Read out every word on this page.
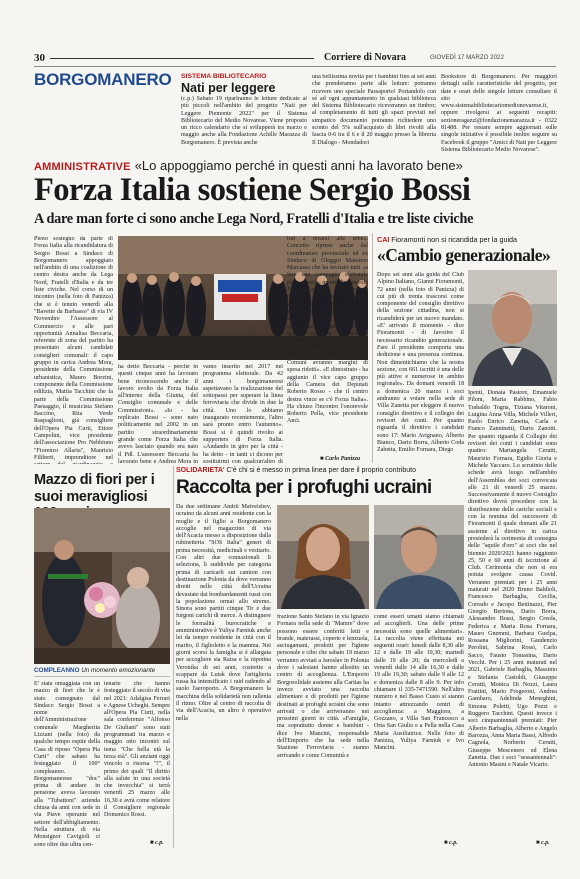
30	Corriere di Novara	GIOVEDÌ 17 MARZO 2022
BORGOMANERO SISTEMA BIBLIOTECARIO
Nati per leggere
(c.p.) Sabato 19 riparlranno le letture dedicate ai più piccoli nell'ambito del progetto "Nati per Leggere Piemonte 2022" per il Sistema Bibliotecario del Medio Novarese. Viene proposto un ricco calendario che si svilupperà tra marzo e maggio anche alla Fondazione Achille Marazza di Borgomanero. È prevista anche
una bellissima novità per i bambini fino ai sei anni che prenderanno parte alle letture: potranno ricevere uno speciale Passaporto! Portandolo con sé ad ogni appuntamento in qualsiasi biblioteca del Sistema Bibliotecario riceveranno un timbro; al completamento di tutti gli spazi previsti nel simpatico documento potranno richiedere uno sconto del 5% sull'acquisto di libri rivolti alla fascia 0-6 tra il 6 e il 20 maggio presso la libreria Il Dialogo - Mondadori
Bookstore di Borgomanero. Per maggiori dettagli sulle caratteristiche del progetto, per date e orari delle singole letture consultare il sito www.sistemabibliotecariomedionovarese.it, oppure rivolgersi ai seguenti recapiti: sezioneragazzi@fondazionemarazza.it - 0322 81488. Per restare sempre aggiornati sulle singole iniziative è possibile inoltre seguire su Facebook il gruppo "Amici di Nati per Leggere Sistema Bibliotecario Medio Novarese".
AMMINISTRATIVE «Lo appoggiamo perché in questi anni ha lavorato bene»
Forza Italia sostiene Sergio Bossi
A dare man forte ci sono anche Lega Nord, Fratelli d'Italia e tre liste civiche
Pieno sostegno da parte di Forza Italia alla ricandidatura di Sergio Bossi a Sindaco di Borgomanero appoggiato nell'ambito di una coalizione di centro destra anche da Lega Nord, Fratelli d'Italia e da tre liste civiche. Nel corso di un incontro (nella foto di Panizza) che si è tenuto venerdì alla "Bavette da Barbasso" di via IV Novembre l'Assessore al Commercio e alle pari opportunità Annalisa Beccaria, referente di zona del partito ha presentato alcuni candidati consiglieri comunali: il capo gruppo in carica Andrea Mora, presidente della Commissione urbanistica, Mauro Borzini, componente della Commissione edilizia, Mattia Tacchini che fa parte della Commissione Paesaggio, il musicista Stefano Baccino, Rita Verde Raspaglioni, già consigliere dell'Opera Pia Curti, Ettore Campolini, vice presidente dell'associazione Pro Nebbiuno "Fiorenzo Allaria", Maurizio Filiberti, imprenditore nel
ha detto Beccaria - perché in questi cinque anni ha lavorato bene riconoscendo anche il lavoro svolto da Forza Italia all'interno della Giunta, del Consiglio comunale e delle Commissioni». «Io - ha replicato Bossi - sono nato politicamente nel 2002 in un partito straordinariamente grande come Forza Italia che avevo lasciato quando era nato il Pdl. L'assessore Beccaria ha lavorato bene e Andrea Mora in
vamo inserito nel 2017 nel programma elettorale. Da 42 anni i borgomaneresi aspettavano la realizzazione del sottopassi per superare la linea ferroviaria che divide in due la città. Uno lo abbiamo inaugurato recentemente, l'altro sarà pronto entro l'autunno». Bossi si è quindi rivolto ai supporters di Forza Italia. «Andando in giro per la città - ha detto - in tanti ci dicono per sostituirmi con qualcun'altro di
tori a recarsi alle urne». Concetto ripreso anche dal coordinatore provinciale ed ex Sindaco di Oleggio Massimo Marcassa che ha invitato tutti «a fare una campagna elettorale porta a porta» mentre l'onorevole Paolo Zangrillo, coordinatore regionale ha fatto cenno alla situazione attuale che «ha spiegato «avrà ricadute negative anche in ambito locale. Tutto quello che avevamo pensato per quanto riguarda il rilancio economico - ha detto - lo dobbiamo rivedere alla luce dei rincari delle materie prime. E i Comuni avranno margini di spesa ridotti». «E dimostrato - ha aggiunto il vice capo gruppo della Camera dei Deputati Roberto Rosso - che il centro destra vince se c'è Forza Italia». Ha chiuso l'incontro l'onorevole Roberto Pella, vice presidente Anci.
■ Carlo Panizza
CAI Fioramonti non si ricandida per la guida
«Cambio generazionale»
Dopo sei anni alla guida del Club Alpino Italiano, Gianni Fioramonti, 72 anni (nella foto di Panizza) di cui più di trenta trascorsi come componente del consiglio direttivo della sezione cittadina, non si ricandiderà per un nuovo mandato. «E' arrivato il momento - dice Fioramonti - di favorire il necessario ricambio generazionale. Fare il presidente comporta una dedizione e una presenza continua. Non dimentichiamo che la nostra sezione, con 661 iscritti è una delle più attive e numerose in ambito regionale». Da domani venerdì 18 a domenica 20 marzo i soci andranno a votare nella sede di Villa Zanetta per eleggere il nuovo consiglio direttivo e il collegio dei revisori dei conti. Per quanto riguarda il direttivo i candidati sono 17: Mario Avignano, Alberto Bianco, Dario Borra, Alberto Coda Zabetta, Emilio Fornara, Diego
Ipenti, Donata Pastore, Emanuele Piloni, Maria Rabbino, Fabio Trabaldo Togna, Tiziana Vitaroni, Luigina Anna Villa, Michele Villeri, Paolo Enrico Zanetta, Carla e Franco Zanninetti, Dario Zanotti. Per quanto riguarda il Collegio dei revisori dei conti i candidati sono quattro: Mariangela Cerutti, Maurizio Fornara, Egidio Gioria e Michele Vaccaro. Lo scrutinio delle schede avrà luogo nell'ambito dell'Assemblea dei soci convocata alle 21 di venerdì 25 marzo. Successivamente il nuovo Consiglio direttivo dovrà procedere con la distribuzione delle cariche sociali e con la nomina del successore di Fioramonti il quale domani alle 21 assieme al direttivo in carica presiederà la cerimonia di consegna delle "aquile d'oro" ai soci che nel biennio 2020/2021 hanno raggiunto 25, 50 e 60 anni di iscrizione al Club. Cerimonia che non si era potuta svolgere causa Covid. Verranno premiati per i 25 anni maturati nel 2020 Bruno Baldioli, Francesco Barbaglia, Cecilia, Corrado e Jacopo Bettinazzi, Pier Giorgio Bertona, Dario Borra, Alessandro Bossi, Sergio Creola, Federica e Maria Rosa Fornara, Mauro Gnemmi, Barbara Guelpa, Rossana Migliorini, Gaudenzio Perolini, Sabrina Rossi, Carlo Sacco, Fausto Tomasina, Dario Vecchi. Per i 25 anni maturati nel 2021, Gabriele Barbaglia, Massimo e Stefania Castoldi, Giuseppe Cerutti, Monica Di Nozzi, Laura Frattini, Mario Frogeroni, Andrea Gambaro, Adelinda Meneghini, Simona Poletti, Ugo Pozzi e Ruggero Tacchini. Questi invece i soci cinquantennali premiati: Pier Alberto Barbaglia, Alberto e Angelo Barozza, Anna Maria Bassi, Alfredo Cagnola, Norberto Cerutti, Giuseppe Mescenero ed Elena Zanetta. Due i soci "sessantennali": Antonio Masini e Natale Vicario.
■ c.p.
Mazzo di fiori per i suoi meravigliosi
COMPLEANNO Un momento emozionante
E' stata omaggiata con un mazzo di fiori che le è stato consegnato dal Sindaco Sergio Bossi a nome dell'Amministrazione comunale Margherita Lizzani (nella foto) da qualche tempo ospite della Casa di riposo "Opera Pia Curti" che sabato ha festeggiato il 100° compleanno. Borgomanerese "doc" prima di andare in pensione aveva lavorato alla "Tubattoni" azienda chiusa da anni con sede in via Piave operante nel settore dell'abbigliamento. Nella struttura di via Monsignor Cavigioli ci sono oltre due ultra cen-
tenarie che hanno festeggiato il secolo di vita nel 2021: Adalgisa Ferrari e Agnese Ucheghi. Sempre all'Opera Pia Curti, nella sala conferenze "Alfonso De Giuliani" sono stati programmati tra marzo e maggio otto incontri sul tema "Che bella età la terza età". Gli anziani oggi vincolo o risorsa "?", il primo dei quali "Il diritto alla salute in una società che invecchia" si terrà venerdì 25 marzo alle 16,30 e avrà come relatore il Consigliere regionale Domenico Rossi.
■ c.p.
SOLIDARIETA' C'è chi si è messo in prima linea per dare il proprio contributo
Raccolta per i profughi ucraini
Da due settimane Andrii Matveishev, ucraino da alcuni anni residente con la moglie e il figlio a Borgomanero accoglie nel magazzino di via dell'Acacia messo a disposizione dalla rubinetteria "SOS Italia" generi di prima necessità, medicinali e vestiario. Con altri due connazionali li seleziona, li suddivide per categoria prima di caricarli sui camion con destinazione Polonia da dove verranno diretti nelle città dell'Ucraina devastate dai bombardamenti russi con la popolazione ormai allo stremo. Sinora sono partiti cinque Tir e due furgoni carichi di merce. A distinguere le formalità burocratiche e amministrative è Yuliya Farniuk anche lei da tempo residente in città con il marito, il figlioletto e la mamma. Nei giorni scorsi la famiglia si è allargata per accogliere sia Raisa e la nipotina Veronika di sei anni, costrette a scappare da Lutsk dove l'artiglieria russa ha intensificato i raid radendo al suolo l'aeroporto. A Borgomanero la macchina della solidarietà non rallenta il ritmo. Oltre al centro di raccolta di via dell'Acacia, un altro è operativo nella
frazione Santo Stefano in via Ignazio Fornara nella sede di "Mamre" dove possono essere conferiti letti e brande, materassi, coperte e lenzuola, asciugamani, prodotti per l'igiene personale e cibo che sabato 19 marzo verranno avviati a Jaroslav in Polonia dove i salesiani hanno allestito un centro di accoglienza. L'Emporio Borgosolidale assieme alla Caritas ha invece avviato una raccolta alimentare e di prodotti per l'igiene destinati ai profughi ucraini che sono arrivati o che arriveranno nei prossimi giorni in città. «Famiglie, ma soprattutto donne e bambini - dice Ivo Mancini, responsabile dell'Emporio che ha sede nella Stazione Ferroviaria - stanno arrivando e come Comunità e
come esseri umani siamo chiamati ad accoglierli. Una delle prime necessità sono quelle alimentari». La raccolta viene effettuata nei seguenti orari: lunedì dalle 8,30 alle 12 e dalle 19 alle 19,30; martedì dalle 19 alle 20; da mercoledì a venerdì dalle 14 alle 16,30 e dalle 19 alle 19,30; sabato dalle 9 alle 12 e domenica dalle 8 alle 9. Per info chiamare il 335-7471590. Nell'altro numero e nel Basso Cusio si stanno intanto attrezzando centri di accoglienza: a Maggiora, a Gozzano, a Villa San Francesco a Orta San Giulio e a Pella nella Casa Maria Ausiliatrice. Nelle foto di Panizza, Yuliya Farniuk e Ivo Mancini.
■ c.p.
